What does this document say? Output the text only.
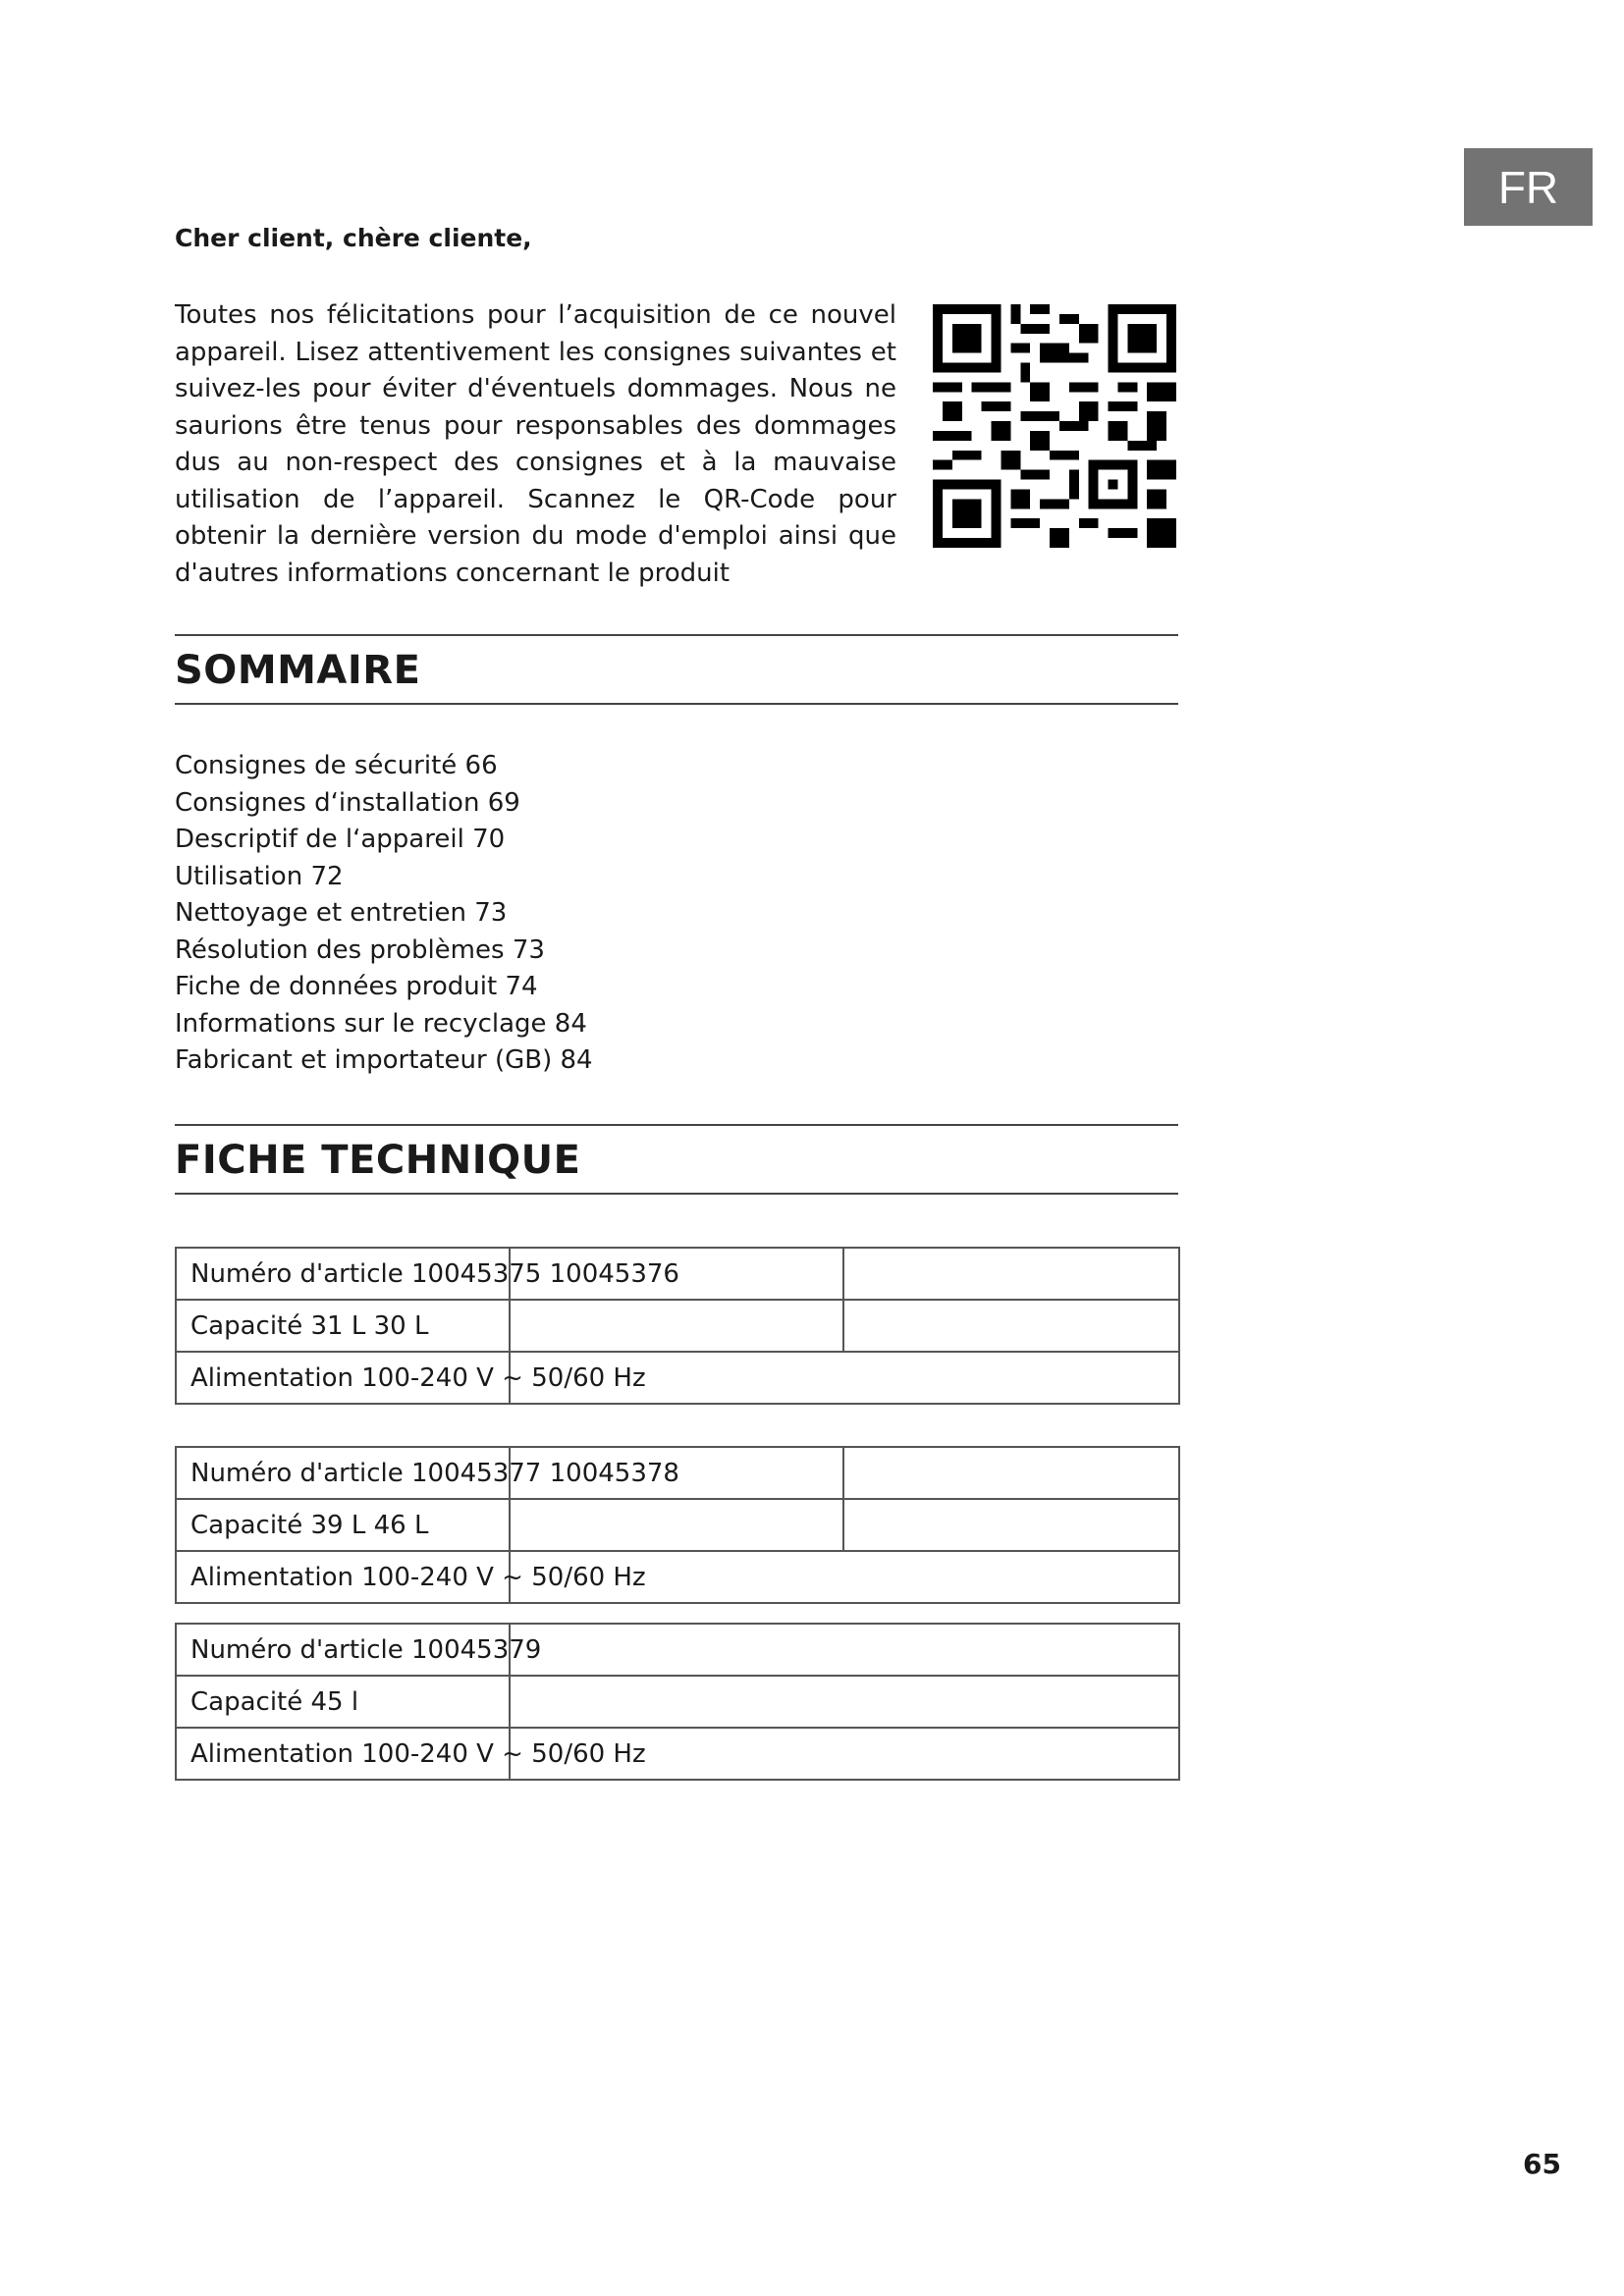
FR
Cher client, chère cliente,

Toutes nos félicitations pour l’acquisition de ce nouvel appareil. Lisez attentivement les consignes suivantes et suivez-les pour éviter d'éventuels dommages. Nous ne saurions être tenus pour responsables des dommages dus au non-respect des consignes et à la mauvaise utilisation de l’appareil. Scannez le QR-Code pour obtenir la dernière version du mode d'emploi ainsi que d'autres informations concernant le produit

SOMMAIRE
Consignes de sécurité 66
Consignes d‘installation 69
Descriptif de l‘appareil 70
Utilisation 72
Nettoyage et entretien 73
Résolution des problèmes 73
Fiche de données produit 74
Informations sur le recyclage 84
Fabricant et importateur (GB) 84
FICHE TECHNIQUE
Numéro d'article 10045375 10045376		
Capacité 31 L 30 L		
Alimentation 100-240 V ~ 50/60 Hz		
Numéro d'article 10045377 10045378		
Capacité 39 L 46 L		
Alimentation 100-240 V ~ 50/60 Hz		
Numéro d'article 10045379	
Capacité 45 l	
Alimentation 100-240 V ~ 50/60 Hz	
65
